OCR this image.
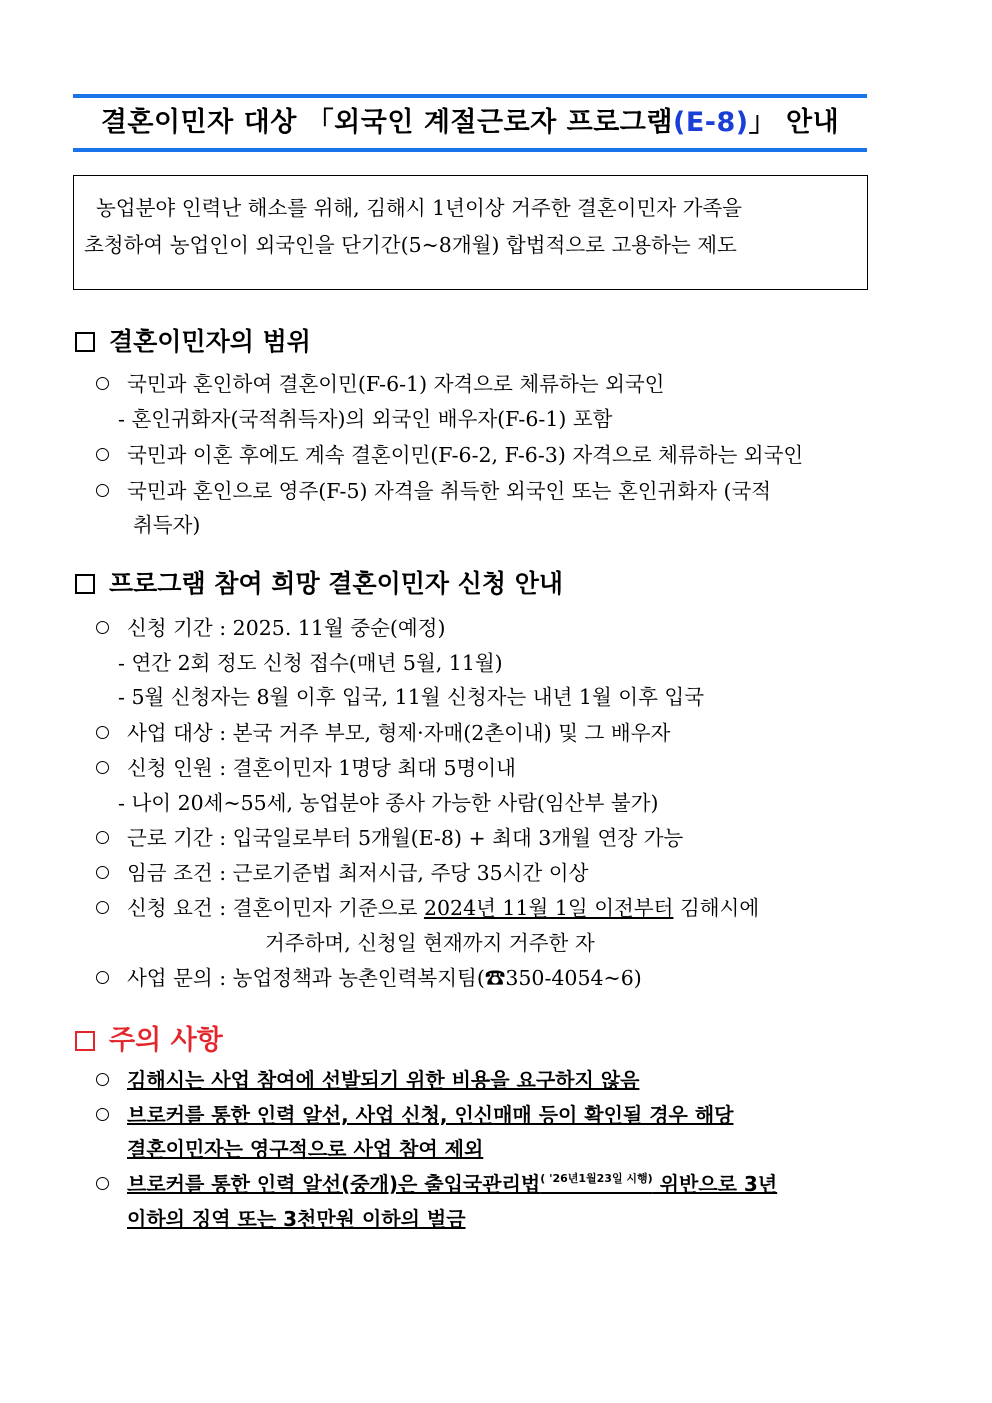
결혼이민자 대상 「외국인 계절근로자 프로그램(E-8)」 안내
농업분야 인력난 해소를 위해, 김해시 1년이상 거주한 결혼이민자 가족을
초청하여 농업인이 외국인을 단기간(5~8개월) 합법적으로 고용하는 제도
결혼이민자의 범위
국민과 혼인하여 결혼이민(F-6-1) 자격으로 체류하는 외국인
- 혼인귀화자(국적취득자)의 외국인 배우자(F-6-1) 포함
국민과 이혼 후에도 계속 결혼이민(F-6-2, F-6-3) 자격으로 체류하는 외국인
국민과 혼인으로 영주(F-5) 자격을 취득한 외국인 또는 혼인귀화자 (국적
취득자)
프로그램 참여 희망 결혼이민자 신청 안내
신청 기간 : 2025. 11월 중순(예정)
- 연간 2회 정도 신청 접수(매년 5월, 11월)
- 5월 신청자는 8월 이후 입국, 11월 신청자는 내년 1월 이후 입국
사업 대상 : 본국 거주 부모, 형제·자매(2촌이내) 및 그 배우자
신청 인원 : 결혼이민자 1명당 최대 5명이내
- 나이 20세~55세, 농업분야 종사 가능한 사람(임산부 불가)
근로 기간 : 입국일로부터 5개월(E-8) + 최대 3개월 연장 가능
임금 조건 : 근로기준법 최저시급, 주당 35시간 이상
신청 요건 : 결혼이민자 기준으로 2024년 11월 1일 이전부터 김해시에
거주하며, 신청일 현재까지 거주한 자
사업 문의 : 농업정책과 농촌인력복지팀(☎350-4054~6)
주의 사항
김해시는 사업 참여에 선발되기 위한 비용을 요구하지 않음
브로커를 통한 인력 알선, 사업 신청, 인신매매 등이 확인될 경우 해당
결혼이민자는 영구적으로 사업 참여 제외
브로커를 통한 인력 알선(중개)은 출입국관리법$^{( '26년1월23일 시행)}$ 위반으로 3년
이하의 징역 또는 3천만원 이하의 벌금
